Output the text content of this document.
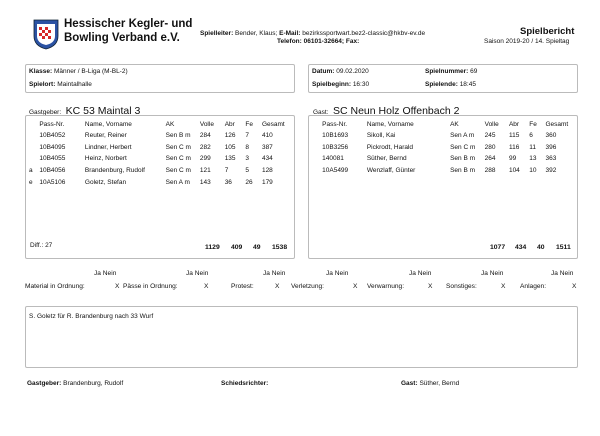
Hessischer Kegler- und
Bowling Verband e.V.	Spielleiter: Bender, Klaus; E-Mail: bezirkssportwart.bez2-classic@hkbv-ev.de
Telefon: 06101-32664; Fax:
Spielbericht
Saison 2019-20 / 14. Spieltag
Klasse: Männer / B-Liga (M-BL-2)
Spielort: Maintalhalle
Datum: 09.02.2020
Spielbeginn: 16:30
Spielnummer: 69
Spielende: 18:45
Gastgeber: KC 53 Maintal 3	Gast: SC Neun Holz Offenbach 2
	Pass-Nr.	Name, Vorname	AK	Volle	Abr	Fe	Gesamt
	10B4052	Reuter, Reiner	Sen B m	284	126	7	410
	10B4095	Lindner, Herbert	Sen C m	282	105	8	387
	10B4055	Heinz, Norbert	Sen C m	299	135	3	434
a	10B4056	Brandenburg, Rudolf	Sen C m	121	7	5	128
e	10A5106	Goletz, Stefan	Sen A m	143	36	26	179
	Pass-Nr.	Name, Vorname	AK	Volle	Abr	Fe	Gesamt
	10B1693	Sikoll, Kai	Sen A m	245	115	6	360
	10B3256	Pickrodt, Harald	Sen C m	280	116	11	396
	140081	Süther, Bernd	Sen B m	264	99	13	363
	10A5499	Wenzlaff, Günter	Sen B m	288	104	10	392
Diff.: 27	1129 409 49 1538	1077 434 40 1511
Ja Nein	Ja Nein	Ja Nein	Ja Nein	Ja Nein	Ja Nein	Ja Nein
Material in Ordnung:	X Pässe in Ordnung:	X	Protest:	X Verletzung:	X Verwarnung:	X Sonstiges:	X Anlagen:	X
S. Goletz für R. Brandenburg nach 33 Wurf
Gastgeber: Brandenburg, Rudolf	Schiedsrichter:	Gast: Süther, Bernd
